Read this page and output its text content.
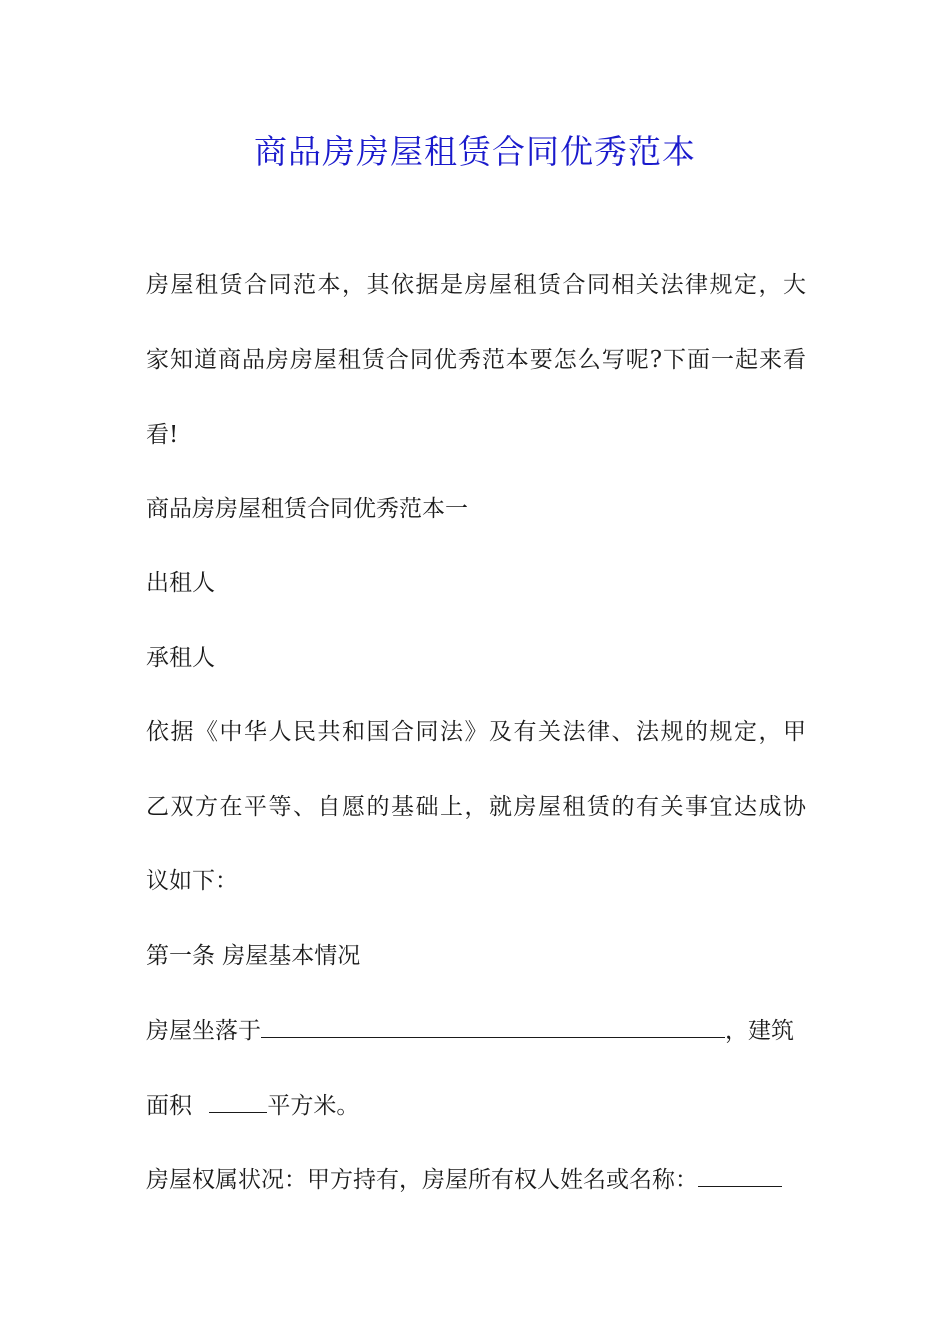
商品房房屋租赁合同优秀范本

房屋租赁合同范本，其依据是房屋租赁合同相关法律规定，大

家知道商品房房屋租赁合同优秀范本要怎么写呢?下面一起来看

看!

商品房房屋租赁合同优秀范本一

出租人

承租人

依据《中华人民共和国合同法》及有关法律、法规的规定，甲

乙双方在平等、自愿的基础上，就房屋租赁的有关事宜达成协

议如下：

第一条 房屋基本情况

房屋坐落于	，建筑

面积	平方米。

房屋权属状况：甲方持有，房屋所有权人姓名或名称：
